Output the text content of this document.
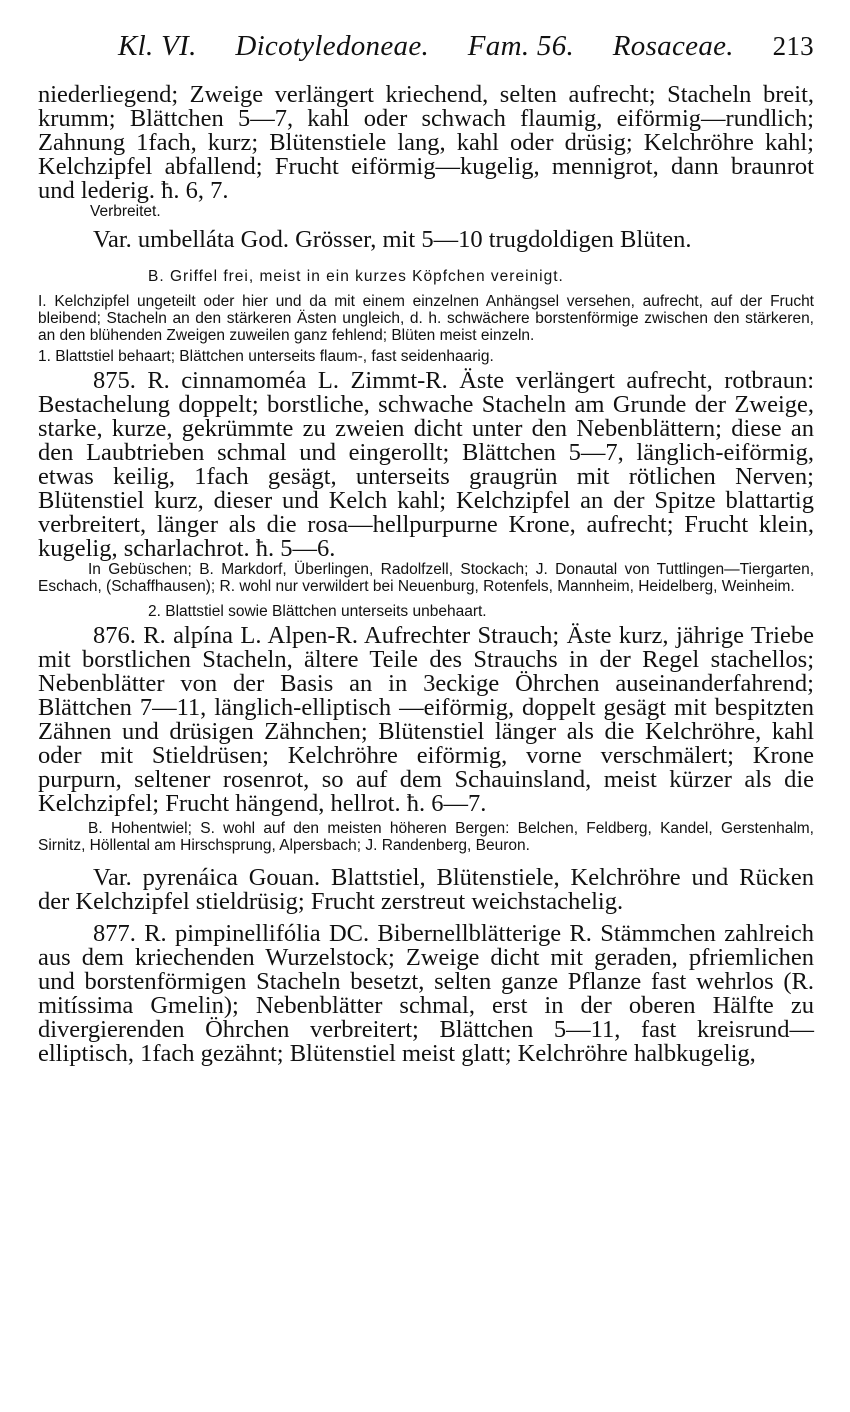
Kl. VI. Dicotyledoneae. Fam. 56. Rosaceae. 213

niederliegend; Zweige verlängert kriechend, selten aufrecht; Stacheln breit, krumm; Blättchen 5—7, kahl oder schwach flaumig, eiförmig—rundlich; Zahnung 1fach, kurz; Blütenstiele lang, kahl oder drüsig; Kelchröhre kahl; Kelchzipfel abfallend; Frucht eiförmig—kugelig, mennigrot, dann braunrot und lederig. ħ. 6, 7.

Verbreitet.

Var. umbelláta God. Grösser, mit 5—10 trugdoldigen Blüten.

B. Griffel frei, meist in ein kurzes Köpfchen vereinigt.

I. Kelchzipfel ungeteilt oder hier und da mit einem einzelnen Anhängsel versehen, aufrecht, auf der Frucht bleibend; Stacheln an den stärkeren Ästen ungleich, d. h. schwächere borstenförmige zwischen den stärkeren, an den blühenden Zweigen zuweilen ganz fehlend; Blüten meist einzeln.

1. Blattstiel behaart; Blättchen unterseits flaum-, fast seidenhaarig.

875. R. cinnamoméa L. Zimmt-R. Äste verlängert aufrecht, rotbraun: Bestachelung doppelt; borstliche, schwache Stacheln am Grunde der Zweige, starke, kurze, gekrümmte zu zweien dicht unter den Nebenblättern; diese an den Laubtrieben schmal und eingerollt; Blättchen 5—7, länglich-eiförmig, etwas keilig, 1fach gesägt, unterseits graugrün mit rötlichen Nerven; Blütenstiel kurz, dieser und Kelch kahl; Kelchzipfel an der Spitze blattartig verbreitert, länger als die rosa—hellpurpurne Krone, aufrecht; Frucht klein, kugelig, scharlachrot. ħ. 5—6.

In Gebüschen; B. Markdorf, Überlingen, Radolfzell, Stockach; J. Donautal von Tuttlingen—Tiergarten, Eschach, (Schaffhausen); R. wohl nur verwildert bei Neuenburg, Rotenfels, Mannheim, Heidelberg, Weinheim.

2. Blattstiel sowie Blättchen unterseits unbehaart.

876. R. alpína L. Alpen-R. Aufrechter Strauch; Äste kurz, jährige Triebe mit borstlichen Stacheln, ältere Teile des Strauchs in der Regel stachellos; Nebenblätter von der Basis an in 3eckige Öhrchen auseinanderfahrend; Blättchen 7—11, länglich-elliptisch —eiförmig, doppelt gesägt mit bespitzten Zähnen und drüsigen Zähnchen; Blütenstiel länger als die Kelchröhre, kahl oder mit Stieldrüsen; Kelchröhre eiförmig, vorne verschmälert; Krone purpurn, seltener rosenrot, so auf dem Schauinsland, meist kürzer als die Kelchzipfel; Frucht hängend, hellrot. ħ. 6—7.

B. Hohentwiel; S. wohl auf den meisten höheren Bergen: Belchen, Feldberg, Kandel, Gerstenhalm, Sirnitz, Höllental am Hirschsprung, Alpersbach; J. Randenberg, Beuron.

Var. pyrenáica Gouan. Blattstiel, Blütenstiele, Kelchröhre und Rücken der Kelchzipfel stieldrüsig; Frucht zerstreut weichstachelig.

877. R. pimpinellifólia DC. Bibernellblätterige R. Stämmchen zahlreich aus dem kriechenden Wurzelstock; Zweige dicht mit geraden, pfriemlichen und borstenförmigen Stacheln besetzt, selten ganze Pflanze fast wehrlos (R. mitíssima Gmelin); Nebenblätter schmal, erst in der oberen Hälfte zu divergierenden Öhrchen verbreitert; Blättchen 5—11, fast kreisrund—elliptisch, 1fach gezähnt; Blütenstiel meist glatt; Kelchröhre halbkugelig,
